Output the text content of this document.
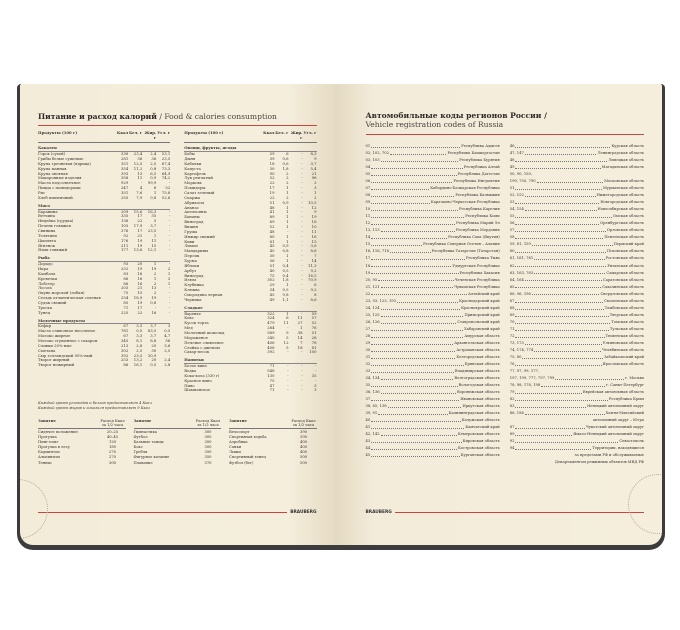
Питание и расход калорий / Food & calories consumption
Продукты (100 г)	Ккал Бел. г Жир. г
Угл. г
Бакалея
Горох (сухой)	336	23,4	2,4	53,1
Грибы белые сушеные	281	36	36	23,5
Крупа гречневая (ядрица)	351	12,5	2,5	67,4
Крупа манная	354	11,2	0,8	73,3
Крупа овсяная	393	13	6,5	64,9
Макаронные изделия	358	11	0,9	74,2
Масло подсолнечное	929	-	99,9	-
Пицца с помидорами	247	4	6	52
Рис	351	7,6	1	75,8
Хлеб пшеничный	255	7,9	0,8	52,6
Мясо
Баранина	209	15,6	16,3	-
Ветчина	335	17	35	-
Индейка (грудка)	136	22	5	-
Печень говяжья	105	17,9	3,7	-
Свинина	276	17	23,5	-
Телятина	92	21	1	-
Цыплята	176	19	11	-
Ягненок	211	19	15	-
Язык говяжий	177	13,6	12,1	-
Рыба
Дорадо	93	20	1	-
Икра	252	19	19	2
Камбала	83	16	2	1
Креветки	86	16	1	3
Лобстер	86	16	2	1
Лосось	203	21	13	-
Окунь морской (лобан)	75	15	2	-
Сельдь атлантическая соленая	254	18,9	19	-
Судак свежий	85	19	0,8	-
Треска	71	17	-	-
Тунец	225	22	16	-
Молочные продукты
Кефир	67	3,3	3,7	3
Масло сливочное несоленое	781	0,5	83,5	0,5
Молоко жирное	67	3,3	3,7	4,7
Молоко сгущенное с сахаром	345	8,1	8,8	56
Сливки 20%-ные	213	2,8	20	3,6
Сметана	302	2,5	30	2,5
Сыр голландский 50%-ный	392	23,5	30,9	-
Творог жирный	253	13,2	20	2,4
Творог нежирный	86	16,1	0,5	2,8
Продукты (100 г)	Ккал Бел. г Жир. г
Угл. г
Овощи, фрукты, ягоды
Бобы	59	6	-	8,3
Дыня	39	0,6	-	9
Кабачки	18	0,6	-	3,7
Капуста	30	1,8	-	5,4
Картофель	90	2	-	21
Лук репчатый	52	2	-	96
Морковь	22	2	-	2
Помидоры	17	1	-	3
Салат зеленый	19	1	-	1
Спаржа	22	2	-	2
Абрикосы	51	0,9	-	10,5
Ананас	46	1	-	12
Апельсины	41	1	-	9
Бананы	89	1	-	19
Виноград	69	1	-	16
Вишня	52	1	-	10
Груша	48	-	-	11
Инжир свежий	60	1	-	16
Киви	61	1	-	15
Лимон	45	0,9	-	3,6
Мандарины	45	0,8	-	8,6
Персик	30	1	-	7
Хурма	56	1	-	14
Яблоки	51	0,4	-	11,3
Арбуз	40	0,5	-	9,2
Виноград	75	0,4	-	16,5
Изюм	302	1,8	-	70,9
Клубника	29	1	-	6
Клюква	34	0,5	-	9,2
Смородина черная	45	0,8	-	8
Черника	49	1,1	-	8,6
Сладкое
Варенье	322	1	-	59
Кекс	324	6	11	57
Кусок торта	479	11	27	52
Мед	284	-	1	76
Молочный шоколад	569	9	38	51
Мороженое	240	5	14	28
Печенье сливочное	406	12	7	78
Слойка с джемом	408	5	18	81
Сахар-песок	392	-	-	100
Напитки
Белое вино	71	-	-	-
Водка	548	-	-	-
Кока-кола (330 г)	130	-	-	35
Красное вино	75	-	-	-
Пиво	47	-	-	3
Шампанское	71	-	-	3
Каждый грамм углеводов и белков предоставляет 4 Ккал
Каждый грамм жиров и алкоголя предоставляет 9 Ккал
Занятие	Расход Ккал за 1/2 часа
Сидячее положение	20–25
Прогулка	40–45
Пинг-понг	120
Прогулка в лесу	180
Бадминтон	270
Альпинизм	270
Теннис	300
Занятие	Расход Ккал за 1/2 часа
Гимнастика	300
Футбол	300
Бальные танцы	300
Бокс	300
Гребля	350
Фигурное катание	350
Плавание	370
Занятие	Расход Ккал за 1/2 часа
Велоспорт	390
Спортивная ходьба	390
Аэробика	400
Санки	400
Лыжи	400
Спортивный танец	500
Футбол (бег)	500
BRAUBERG
Автомобильные коды регионов России /
Vehicle registration codes of Russia
01	Республика Адыгея
02, 102, 702	Республика Башкортостан
03, 103	Республика Бурятия
04	Республика Алтай
05	Республика Дагестан
06	Республика Ингушетия
07	Кабардино-Балкарская Республика
08	Республика Калмыкия
09	Карачаево-Черкесская Республика
10	Республика Карелия
11	Республика Коми
12	Республика Марий Эл
13, 113	Республика Мордовия
14	Республика Саха (Якутия)
15	Республика Северная Осетия – Алания
16, 116, 716	Республика Татарстан (Татарстан)
17	Республика Тыва
18	Удмуртская Республика
19	Республика Хакасия
20, 95	Чеченская Республика
21, 121	Чувашская Республика
22	Алтайский край
23, 93, 123, 193	Краснодарский край
24, 124	Красноярский край
25, 125	Приморский край
26, 126	Ставропольский край
27	Хабаровский край
28	Амурская область
29	Архангельская область
30	Астраханская область
31	Белгородская область
32	Брянская область
33	Владимирская область
34, 134	Волгоградская область
35	Вологодская область
36, 136	Воронежская область
37	Ивановская область
38, 85, 138	Иркутская область
39, 91	Калининградская область
40	Калужская область
41	Камчатский край
42, 142	Кемеровская область
43	Кировская область
44	Костромская область
45	Курганская область
46	Курская область
47, 147	Ленинградская область
48	Липецкая область
49	Магаданская область
50, 90, 150,
190, 750, 790	Московская область
51	Мурманская область
52, 152	Нижегородская область
53	Новгородская область
54, 154	Новосибирская область
55	Омская область
56	Оренбургская область
57	Орловская область
58	Пензенская область
59, 81, 159	Пермский край
60	Псковская область
61, 161, 761	Ростовская область
62	Рязанская область
63, 163, 763	Самарская область
64, 164	Саратовская область
65	Сахалинская область
66, 96, 196	Свердловская область
67	Смоленская область
68	Тамбовская область
69	Тверская область
70	Томская область
71	Тульская область
72	Тюменская область
73, 173	Ульяновская область
74, 174, 774	Челябинская область
75, 80	Забайкальский край
76	Ярославская область
77, 97, 99, 177,
197, 199, 777, 797, 799	г. Москва
78, 98, 178, 198	г. Санкт-Петербург
79	Еврейская автономная область
82	Республика Крым
83	Ненецкий автономный округ
86, 186	Ханты-Мансийский
автономный округ – Югра
87	Чукотский автономный округ
89	Ямало-Ненецкий автономный округ
92	Севастополь
94	Территории, находящиеся
за пределами РФ и обслуживаемые
Департаментом режимных объектов МВД РФ
BRAUBERG
